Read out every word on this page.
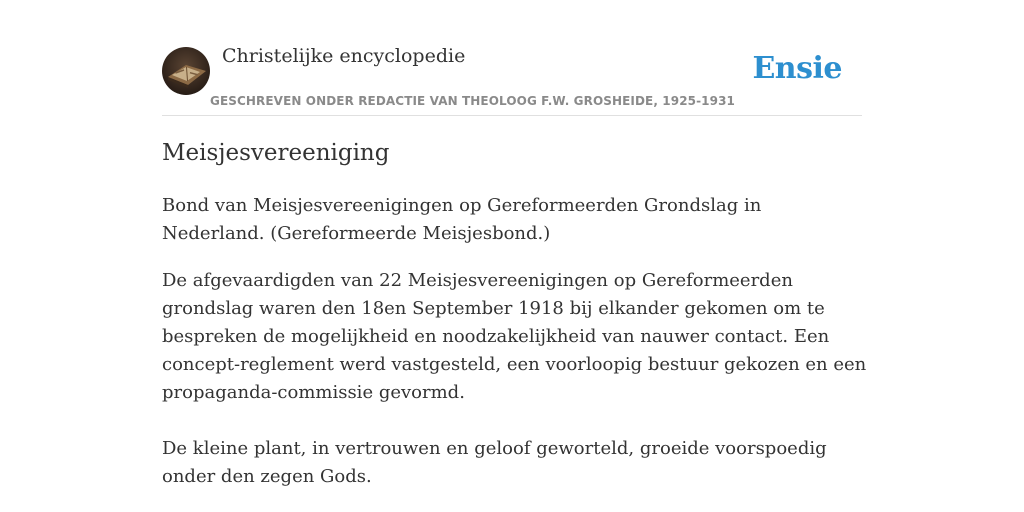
Christelijke encyclopedie	Ensie
GESCHREVEN ONDER REDACTIE VAN THEOLOOG F.W. GROSHEIDE, 1925-1931
Meisjesvereeniging

Bond van Meisjesvereenigingen op Gereformeerden Grondslag in Nederland. (Gereformeerde Meisjesbond.)

De afgevaardigden van 22 Meisjesvereenigingen op Gereformeerden grondslag waren den 18en September 1918 bij elkander gekomen om te bespreken de mogelijkheid en noodzakelijkheid van nauwer contact. Een concept-reglement werd vastgesteld, een voorloopig bestuur gekozen en een propaganda-commissie gevormd.

De kleine plant, in vertrouwen en geloof geworteld, groeide voorspoedig onder den zegen Gods.
